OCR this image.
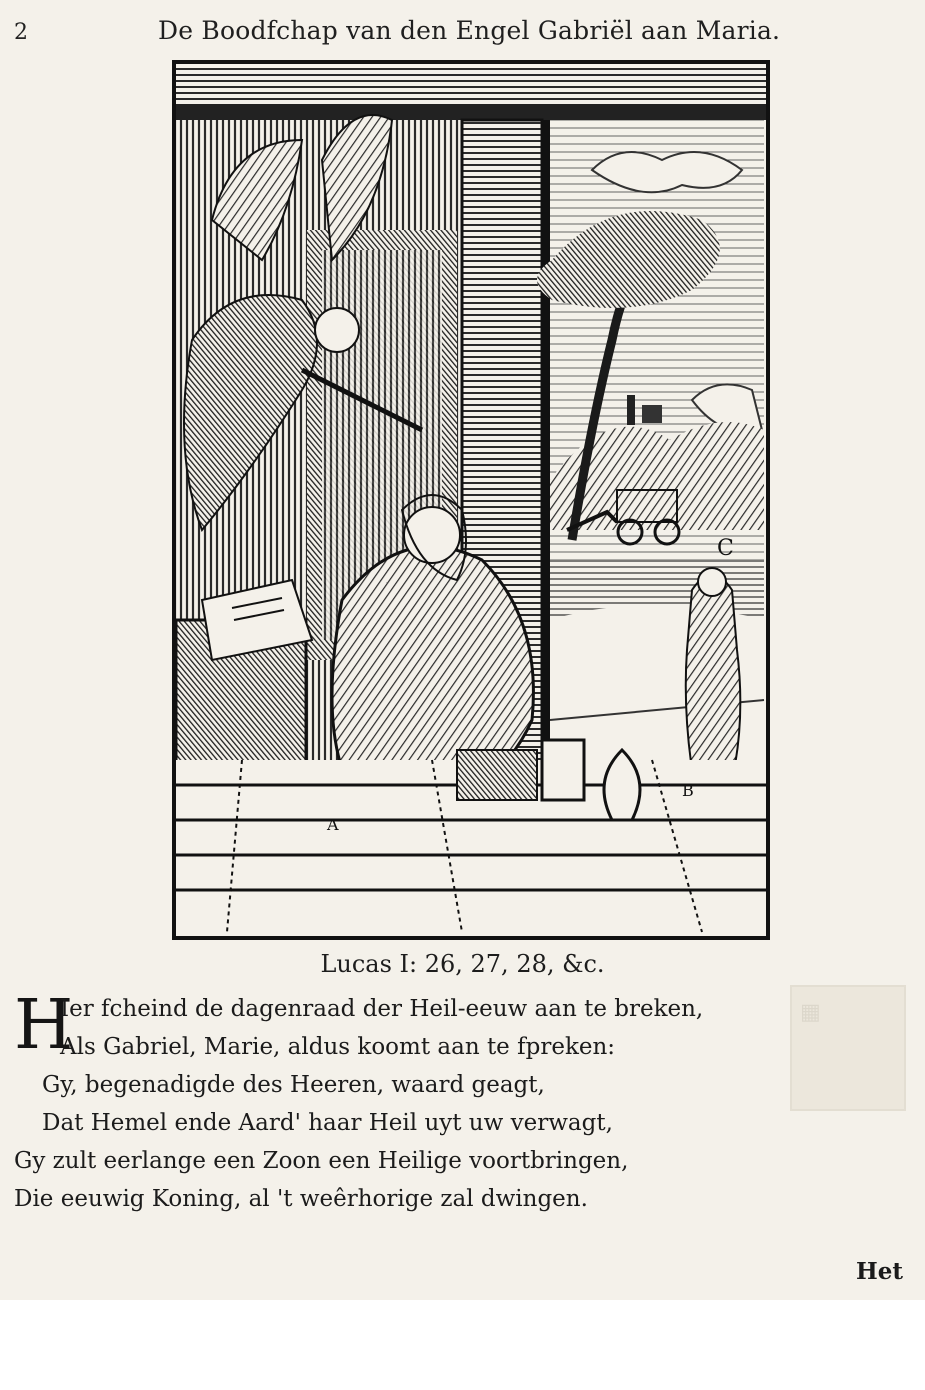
▦
2	De Boodfchap van den Engel Gabriël aan Maria.
A
B
C
Lucas I: 26, 27, 28, &c.
H
Ier fcheind de dagenraad der Heil-eeuw aan te breken,
Als Gabriel, Marie, aldus koomt aan te fpreken:
Gy, begenadigde des Heeren, waard geagt,
Dat Hemel ende Aard' haar Heil uyt uw verwagt,
Gy zult eerlange een Zoon een Heilige voortbringen,
Die eeuwig Koning, al 't weêrhorige zal dwingen.
Het
